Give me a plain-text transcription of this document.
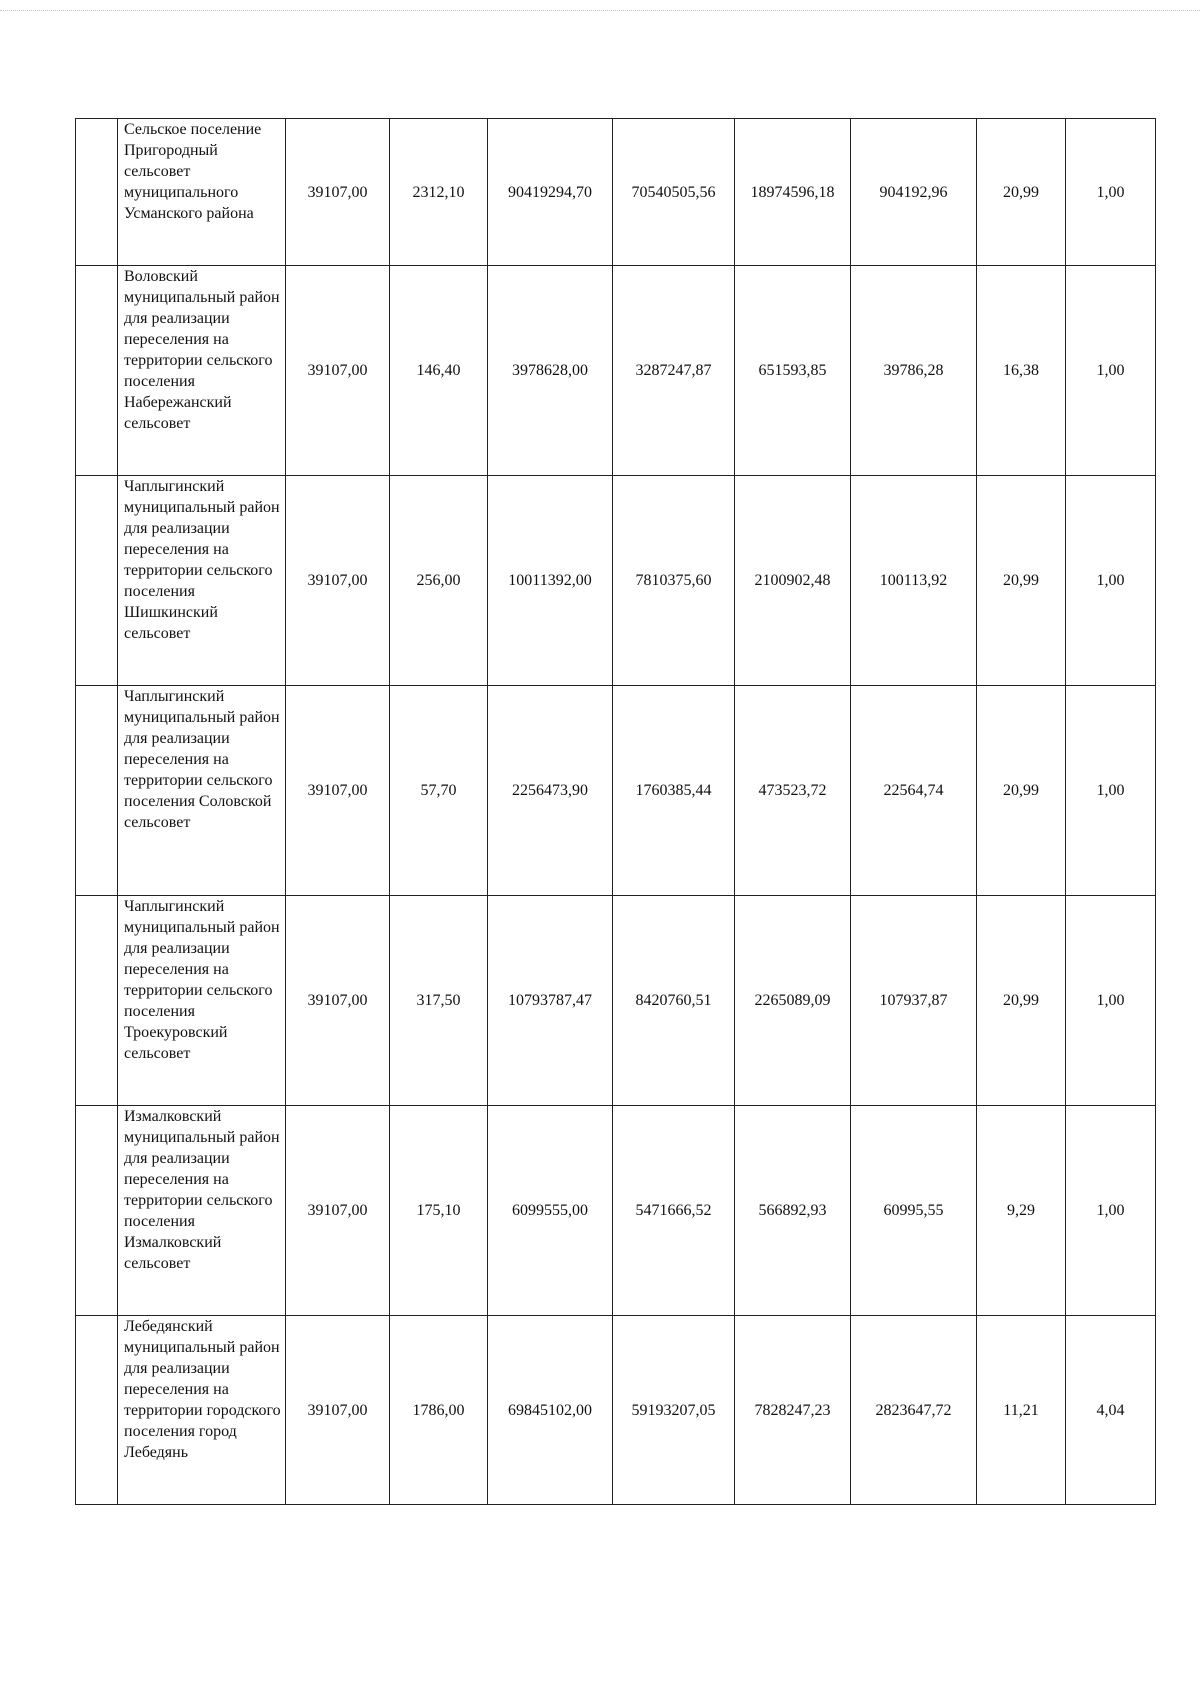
	Сельское поселение Пригородный сельсовет муниципального Усманского района	39107,00	2312,10	90419294,70	70540505,56	18974596,18	904192,96	20,99	1,00
	Воловский муниципальный район для реализации переселения на территории сельского поселения Набережанский сельсовет	39107,00	146,40	3978628,00	3287247,87	651593,85	39786,28	16,38	1,00
	Чаплыгинский муниципальный район для реализации переселения на территории сельского поселения Шишкинский сельсовет	39107,00	256,00	10011392,00	7810375,60	2100902,48	100113,92	20,99	1,00
	Чаплыгинский муниципальный район для реализации переселения на территории сельского поселения Соловской сельсовет	39107,00	57,70	2256473,90	1760385,44	473523,72	22564,74	20,99	1,00
	Чаплыгинский муниципальный район для реализации переселения на территории сельского поселения Троекуровский сельсовет	39107,00	317,50	10793787,47	8420760,51	2265089,09	107937,87	20,99	1,00
	Измалковский муниципальный район для реализации переселения на территории сельского поселения Измалковский сельсовет	39107,00	175,10	6099555,00	5471666,52	566892,93	60995,55	9,29	1,00
	Лебедянский муниципальный район для реализации переселения на территории городского поселения город Лебедянь	39107,00	1786,00	69845102,00	59193207,05	7828247,23	2823647,72	11,21	4,04
